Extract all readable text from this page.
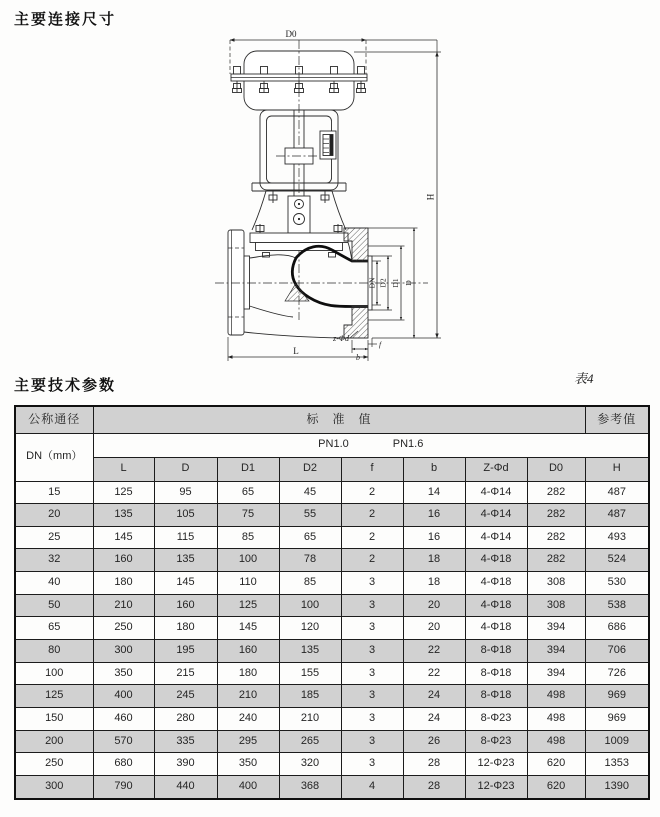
主要连接尺寸
D0
H
DN D2 D1 D
z-Φd
b
f
L
主要技术参数	表4
公称通径	标　准　值								参考值
DN（mm）	PN1.0 PN1.6								
	L	D	D1	D2	f	b	Z-Φd	D0	H
15	125	95	65	45	2	14	4-Φ14	282	487
20	135	105	75	55	2	16	4-Φ14	282	487
25	145	115	85	65	2	16	4-Φ14	282	493
32	160	135	100	78	2	18	4-Φ18	282	524
40	180	145	110	85	3	18	4-Φ18	308	530
50	210	160	125	100	3	20	4-Φ18	308	538
65	250	180	145	120	3	20	4-Φ18	394	686
80	300	195	160	135	3	22	8-Φ18	394	706
100	350	215	180	155	3	22	8-Φ18	394	726
125	400	245	210	185	3	24	8-Φ18	498	969
150	460	280	240	210	3	24	8-Φ23	498	969
200	570	335	295	265	3	26	8-Φ23	498	1009
250	680	390	350	320	3	28	12-Φ23	620	1353
300	790	440	400	368	4	28	12-Φ23	620	1390
